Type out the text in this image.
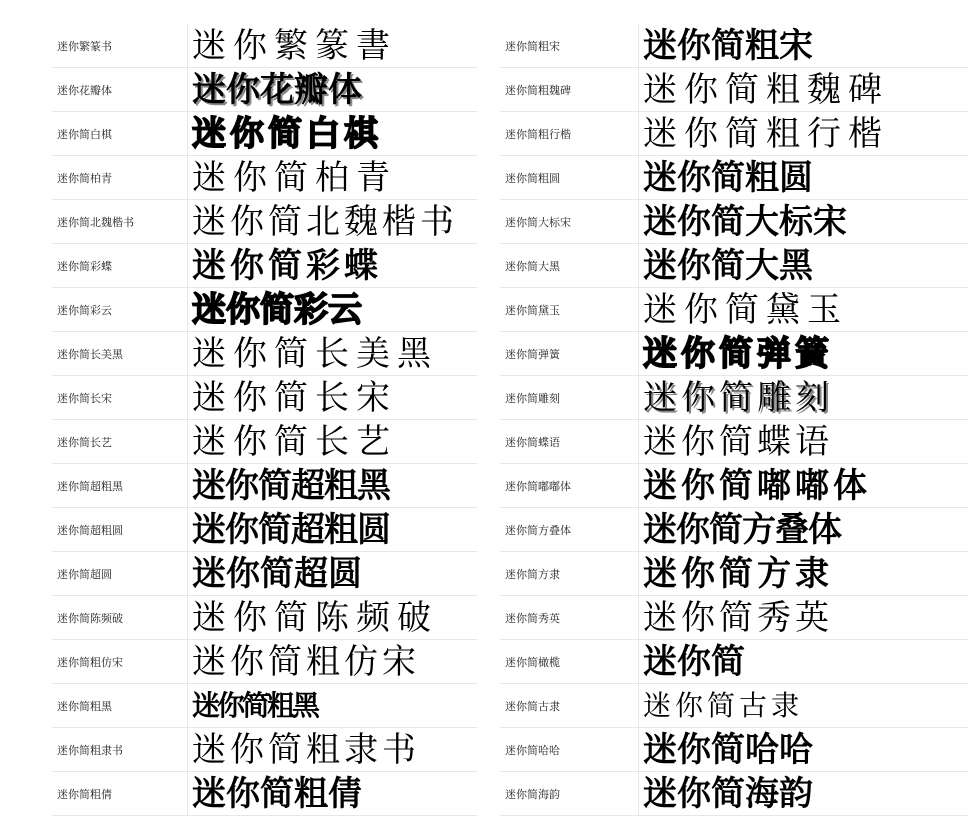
迷你繁篆书	迷你繁篆書
迷你花瓣体	迷你花瓣体
迷你简白棋	迷你简白棋
迷你简柏青	迷你简柏青
迷你简北魏楷书	迷你简北魏楷书
迷你简彩蝶	迷你简彩蝶
迷你简彩云	迷你简彩云
迷你简长美黑	迷你简长美黑
迷你简长宋	迷你简长宋
迷你简长艺	迷你简长艺
迷你简超粗黑	迷你简超粗黑
迷你简超粗圆	迷你简超粗圆
迷你简超圆	迷你简超圆
迷你简陈频破	迷你简陈频破
迷你简粗仿宋	迷你简粗仿宋
迷你简粗黑	迷你简粗黑
迷你简粗隶书	迷你简粗隶书
迷你简粗倩	迷你简粗倩
迷你简粗宋	迷你简粗宋
迷你简粗魏碑	迷你简粗魏碑
迷你简粗行楷	迷你简粗行楷
迷你简粗圆	迷你简粗圆
迷你简大标宋	迷你简大标宋
迷你简大黑	迷你简大黑
迷你简黛玉	迷你简黛玉
迷你简弹簧	迷你简弹簧
迷你简雕刻	迷你简雕刻
迷你简蝶语	迷你简蝶语
迷你简嘟嘟体	迷你简嘟嘟体
迷你简方叠体	迷你简方叠体
迷你简方隶	迷你简方隶
迷你简秀英	迷你简秀英
迷你简橄榄	迷你简
迷你简古隶	迷你简古隶
迷你简哈哈	迷你简哈哈
迷你简海韵	迷你简海韵
